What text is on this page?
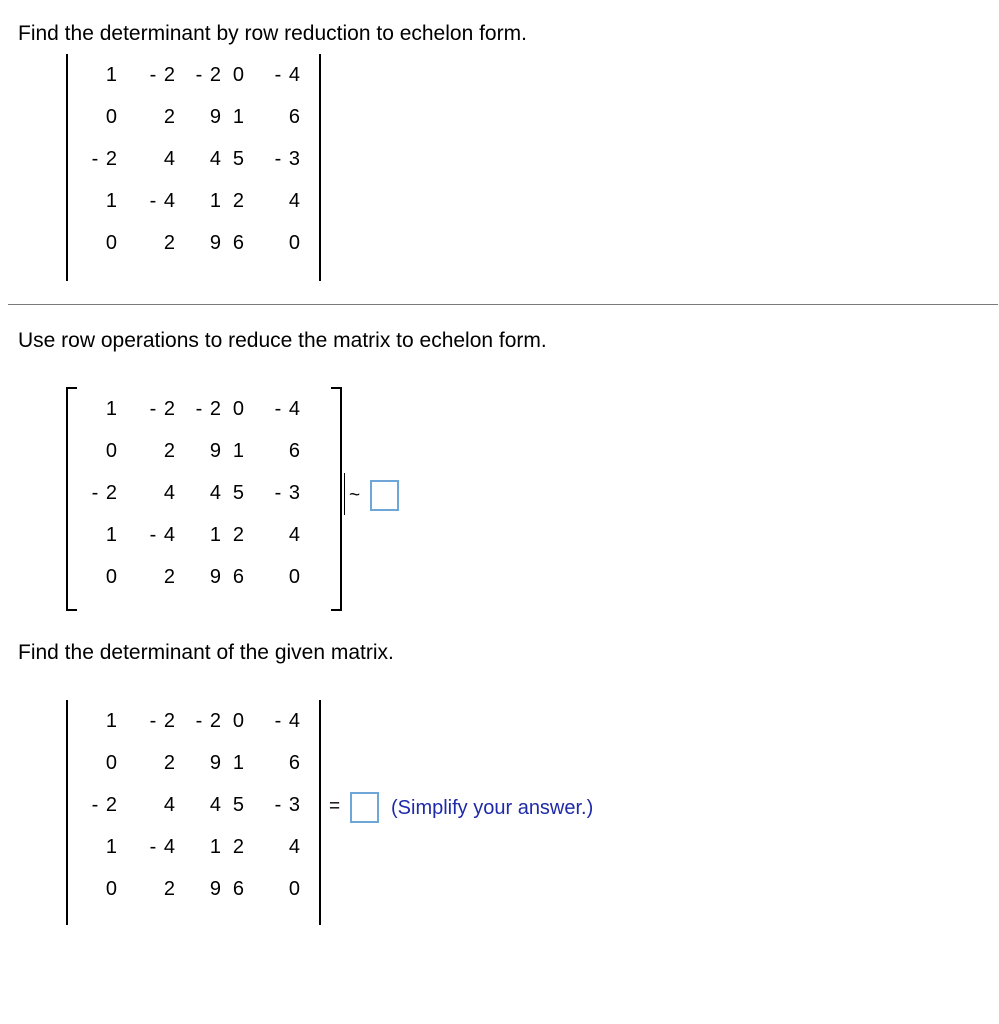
Find the determinant by row reduction to echelon form.
1	- 2 - 2 0	- 4
0	2	9 1	6
- 2	4	4 5	- 3
1	- 4	1 2	4
0	2	9 6	0
Use row operations to reduce the matrix to echelon form.
1	- 2 - 2 0	- 4
0	2	9 1	6
- 2	4	4 5	- 3
1	- 4	1 2	4
0	2	9 6	0
~
Find the determinant of the given matrix.
1	- 2 - 2 0	- 4
0	2	9 1	6
- 2	4	4 5	- 3
1	- 4	1 2	4
0	2	9 6	0
=	(Simplify your answer.)
